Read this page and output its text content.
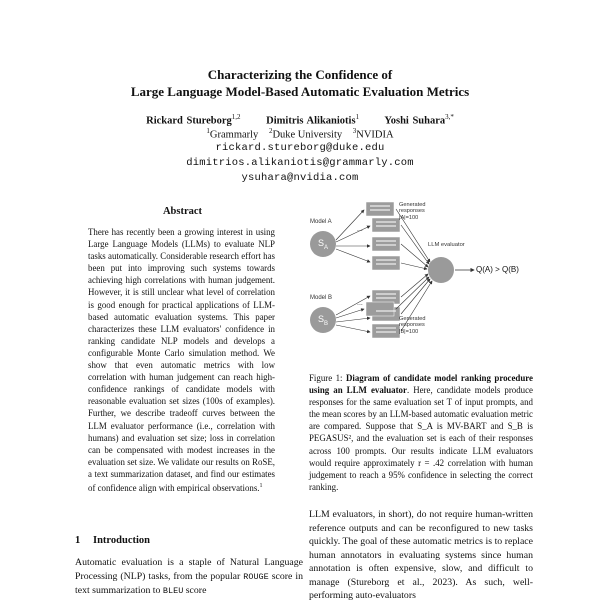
Characterizing the Confidence of
Large Language Model-Based Automatic Evaluation Metrics
Rickard Stureborg$^{1,2}$ Dimitris Alikaniotis$^1$ Yoshi Suhara$^{3,*}$
$^1$Grammarly $^2$Duke University $^3$NVIDIA
rickard.stureborg@duke.edu
dimitrios.alikaniotis@grammarly.com
ysuhara@nvidia.com
Abstract
There has recently been a growing interest in using Large Language Models (LLMs) to evaluate NLP tasks automatically. Considerable research effort has been put into improving such systems towards achieving high correlations with human judgement. However, it is still unclear what level of correlation is good enough for practical applications of LLM-based automatic evaluation systems. This paper characterizes these LLM evaluators' confidence in ranking candidate NLP models and develops a configurable Monte Carlo simulation method. We show that even automatic metrics with low correlation with human judgement can reach high-confidence rankings of candidate models with reasonable evaluation set sizes (100s of examples). Further, we describe tradeoff curves between the LLM evaluator performance (i.e., correlation with humans) and evaluation set size; loss in correlation can be compensated with modest increases in the evaluation set size. We validate our results on RoSE, a text summarization dataset, and find our estimates of confidence align with empirical observations.$^1$
Model A
Model B
$S_A$
$S_B$
Generated
responses
|A|=100
Generated
responses
|B|=100
LLM evaluator
Q(A) > Q(B)
...
...
Figure 1: Diagram of candidate model ranking procedure using an LLM evaluator. Here, candidate models produce responses for the same evaluation set T of input prompts, and the mean scores by an LLM-based automatic evaluation metric are compared. Suppose that S_A is MV-BART and S_B is PEGASUS², and the evaluation set is each of their responses across 100 prompts. Our results indicate LLM evaluators would require approximately r = .42 correlation with human judgement to reach a 95% confidence in selecting the correct ranking.
1 Introduction
Automatic evaluation is a staple of Natural Language Processing (NLP) tasks, from the popular ROUGE score in text summarization to BLEU score
LLM evaluators, in short), do not require human-written reference outputs and can be reconfigured to new tasks quickly. The goal of these automatic metrics is to replace human annotators in evaluating systems since human annotation is often expensive, slow, and difficult to manage (Stureborg et al., 2023). As such, well-performing auto-evaluators
